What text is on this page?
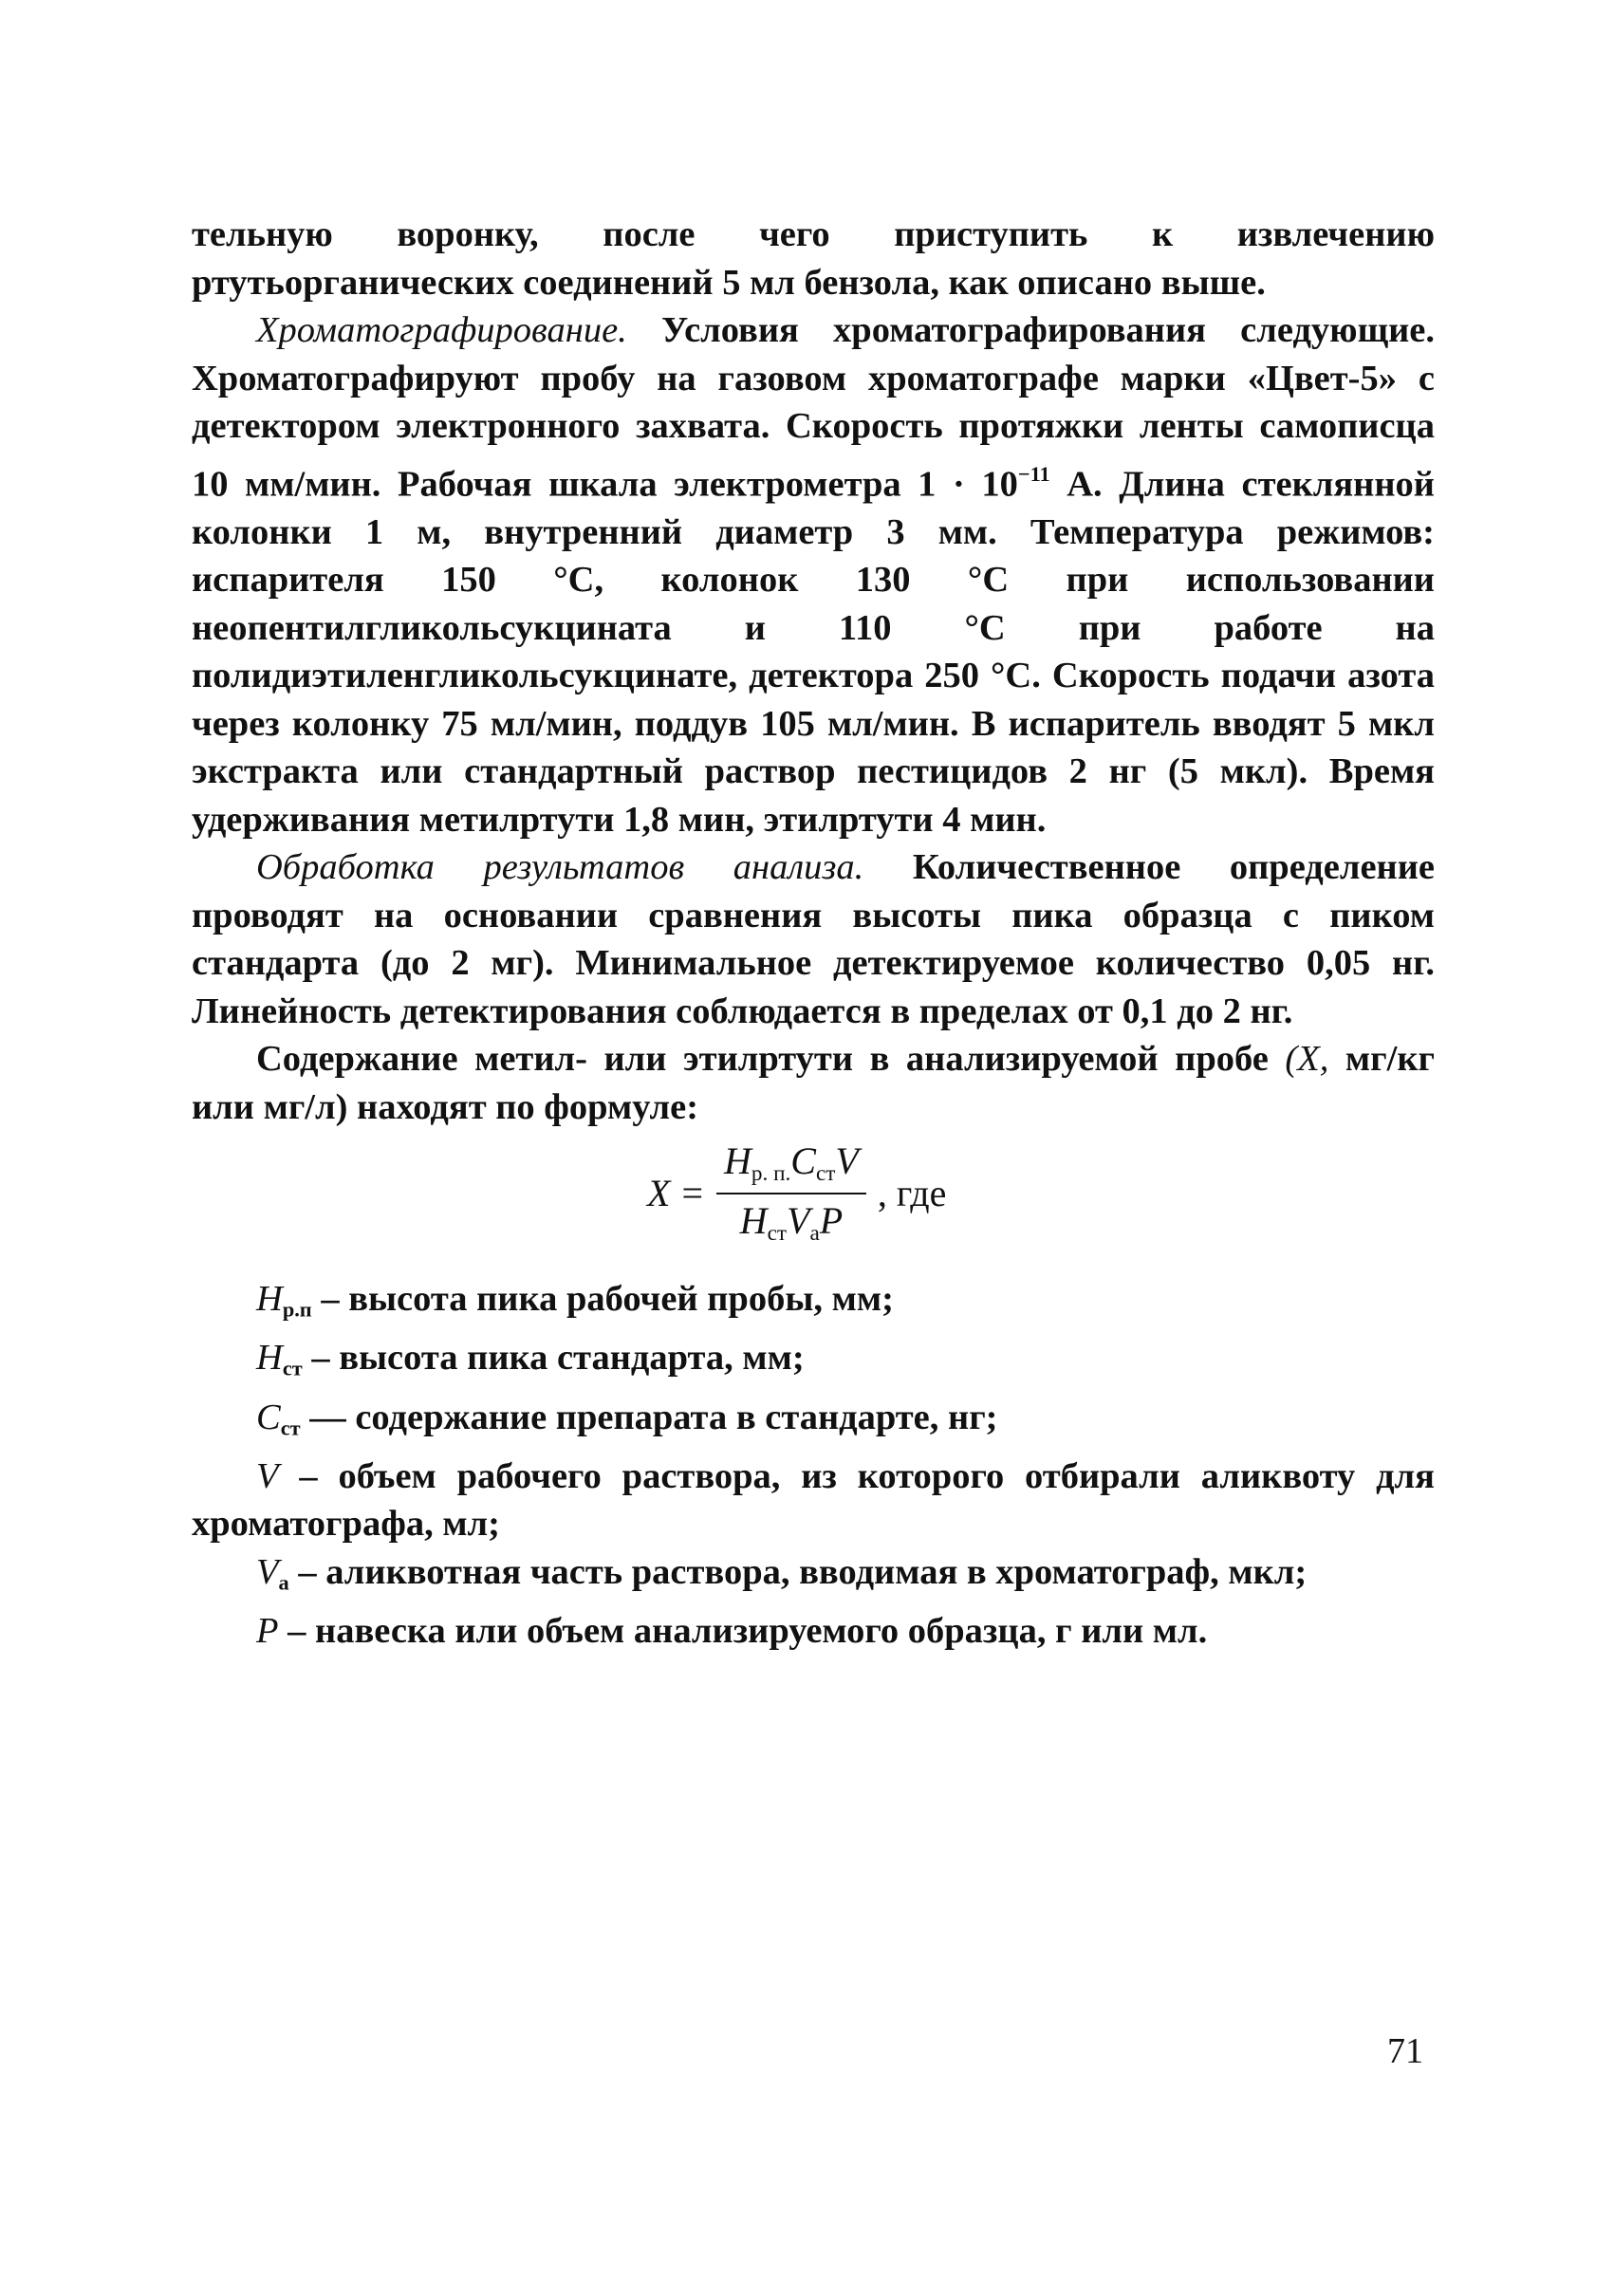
тельную воронку, после чего приступить к извлечению ртутьорганических соединений 5 мл бензола, как описано выше.

Хроматографирование. Условия хроматографирования следующие. Хроматографируют пробу на газовом хроматографе марки «Цвет-5» с детектором электронного захвата. Скорость протяжки ленты самописца 10 мм/мин. Рабочая шкала электрометра $1 \cdot 10^{-11}$ А. Длина стеклянной колонки 1 м, внутренний диаметр 3 мм. Температура режимов: испарителя 150 °С, колонок 130 °С при использовании неопентилгликольсукцината и 110 °С при работе на полидиэтиленгликольсукцинате, детектора 250 °С. Скорость подачи азота через колонку 75 мл/мин, поддув 105 мл/мин. В испаритель вводят 5 мкл экстракта или стандартный раствор пестицидов 2 нг (5 мкл). Время удерживания метилртути 1,8 мин, этилртути 4 мин.

Обработка результатов анализа. Количественное определение проводят на основании сравнения высоты пика образца с пиком стандарта (до 2 мг). Минимальное детектируемое количество 0,05 нг. Линейность детектирования соблюдается в пределах от 0,1 до 2 нг.

Содержание метил- или этилртути в анализируемой пробе (X, мг/кг или мг/л) находят по формуле:

$X = \frac{H_{р. п.}C_{ст}V}{H_{ст}V_аP}$ , где

$H_{р.п}$ – высота пика рабочей пробы, мм;

$H_{ст}$ – высота пика стандарта, мм;

$C_{ст}$ — содержание препарата в стандарте, нг;

V – объем рабочего раствора, из которого отбирали аликвоту для хроматографа, мл;

$V_а$ – аликвотная часть раствора, вводимая в хроматограф, мкл;

P – навеска или объем анализируемого образца, г или мл.

71
